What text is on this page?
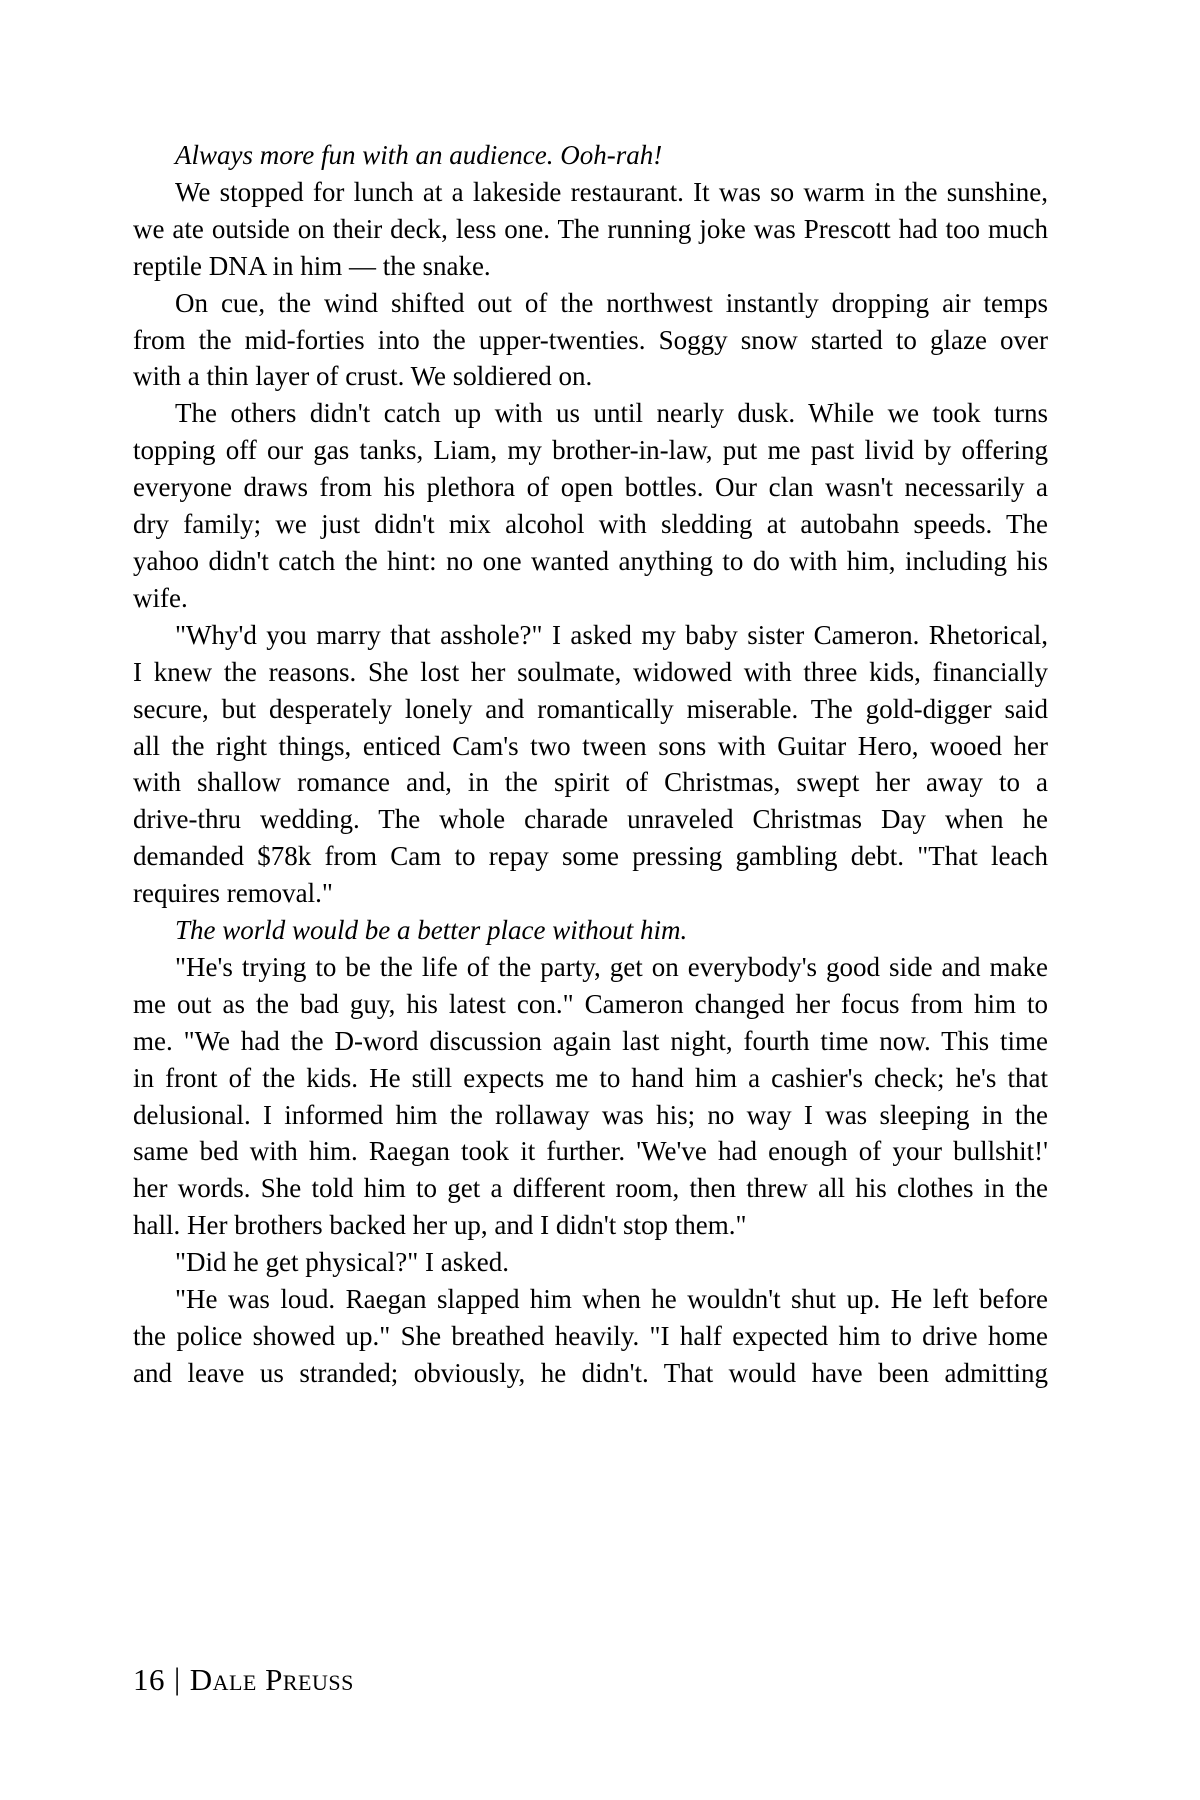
Always more fun with an audience. Ooh-rah!

We stopped for lunch at a lakeside restaurant. It was so warm in the sunshine,
we ate outside on their deck, less one. The running joke was Prescott had too much
reptile DNA in him — the snake.

On cue, the wind shifted out of the northwest instantly dropping air temps
from the mid-forties into the upper-twenties. Soggy snow started to glaze over
with a thin layer of crust. We soldiered on.

The others didn't catch up with us until nearly dusk. While we took turns
topping off our gas tanks, Liam, my brother-in-law, put me past livid by offering
everyone draws from his plethora of open bottles. Our clan wasn't necessarily a
dry family; we just didn't mix alcohol with sledding at autobahn speeds. The
yahoo didn't catch the hint: no one wanted anything to do with him, including his
wife.

"Why'd you marry that asshole?" I asked my baby sister Cameron. Rhetorical,
I knew the reasons. She lost her soulmate, widowed with three kids, financially
secure, but desperately lonely and romantically miserable. The gold-digger said
all the right things, enticed Cam's two tween sons with Guitar Hero, wooed her
with shallow romance and, in the spirit of Christmas, swept her away to a
drive-thru wedding. The whole charade unraveled Christmas Day when he
demanded $78k from Cam to repay some pressing gambling debt. "That leach
requires removal."

The world would be a better place without him.

"He's trying to be the life of the party, get on everybody's good side and make
me out as the bad guy, his latest con." Cameron changed her focus from him to
me. "We had the D-word discussion again last night, fourth time now. This time
in front of the kids. He still expects me to hand him a cashier's check; he's that
delusional. I informed him the rollaway was his; no way I was sleeping in the
same bed with him. Raegan took it further. 'We've had enough of your bullshit!'
her words. She told him to get a different room, then threw all his clothes in the
hall. Her brothers backed her up, and I didn't stop them."

"Did he get physical?" I asked.

"He was loud. Raegan slapped him when he wouldn't shut up. He left before
the police showed up." She breathed heavily. "I half expected him to drive home
and leave us stranded; obviously, he didn't. That would have been admitting

16 | Dale Preuss
